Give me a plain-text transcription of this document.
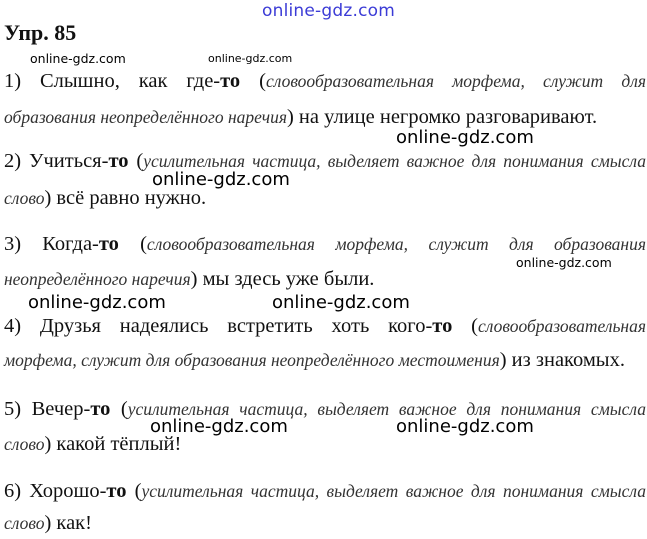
online-gdz.com
online-gdz.com	online-gdz.com
online-gdz.com
online-gdz.com
online-gdz.com
online-gdz.com	online-gdz.com
online-gdz.com	online-gdz.com
Упр. 85
1) Слышно, как где-то (словообразовательная морфема, служит для
образования неопределённого наречия) на улице негромко разговаривают.
2) Учиться-то (усилительная частица, выделяет важное для понимания смысла
слово) всё равно нужно.
3) Когда-то (словообразовательная морфема, служит для образования
неопределённого наречия) мы здесь уже были.
4) Друзья надеялись встретить хоть кого-то (словообразовательная
морфема, служит для образования неопределённого местоимения) из знакомых.
5) Вечер-то (усилительная частица, выделяет важное для понимания смысла
слово) какой тёплый!
6) Хорошо-то (усилительная частица, выделяет важное для понимания смысла
слово) как!
